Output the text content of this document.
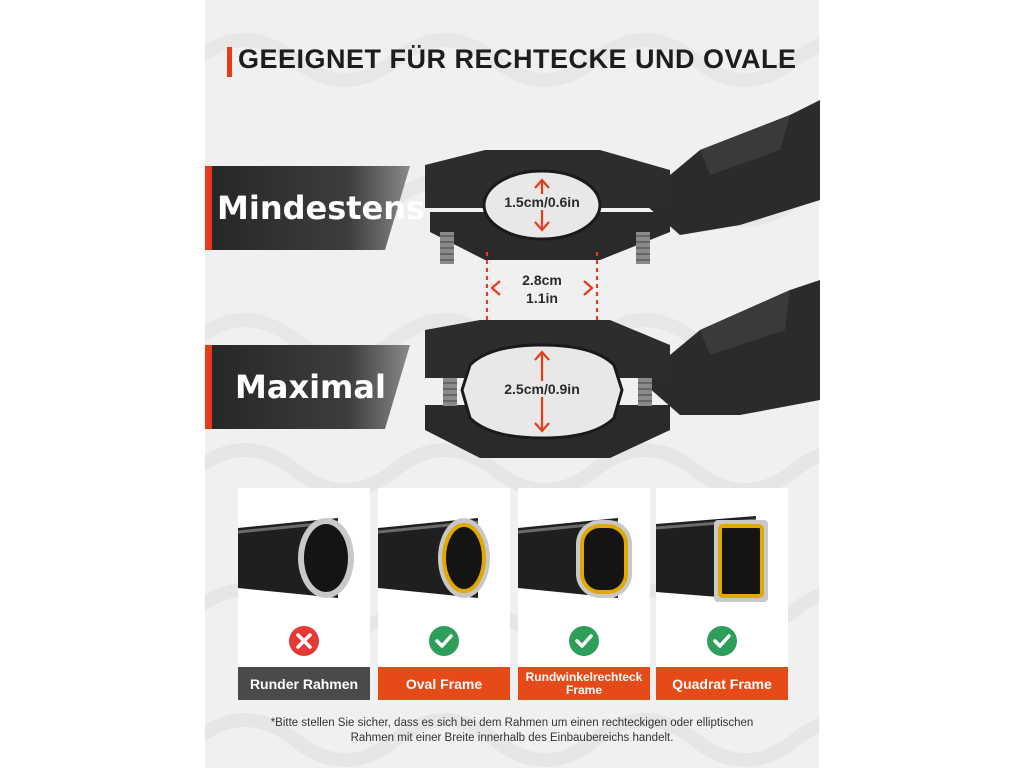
GEEIGNET FÜR RECHTECKE UND OVALE
1.5cm/0.6in
2.8cm
1.1in
2.5cm/0.9in
Mindestens
Maximal
Runder Rahmen	Oval Frame	Rundwinkelrechteck Frame	Quadrat Frame
*Bitte stellen Sie sicher, dass es sich bei dem Rahmen um einen rechteckigen oder elliptischen Rahmen mit einer Breite innerhalb des Einbaubereichs handelt.
